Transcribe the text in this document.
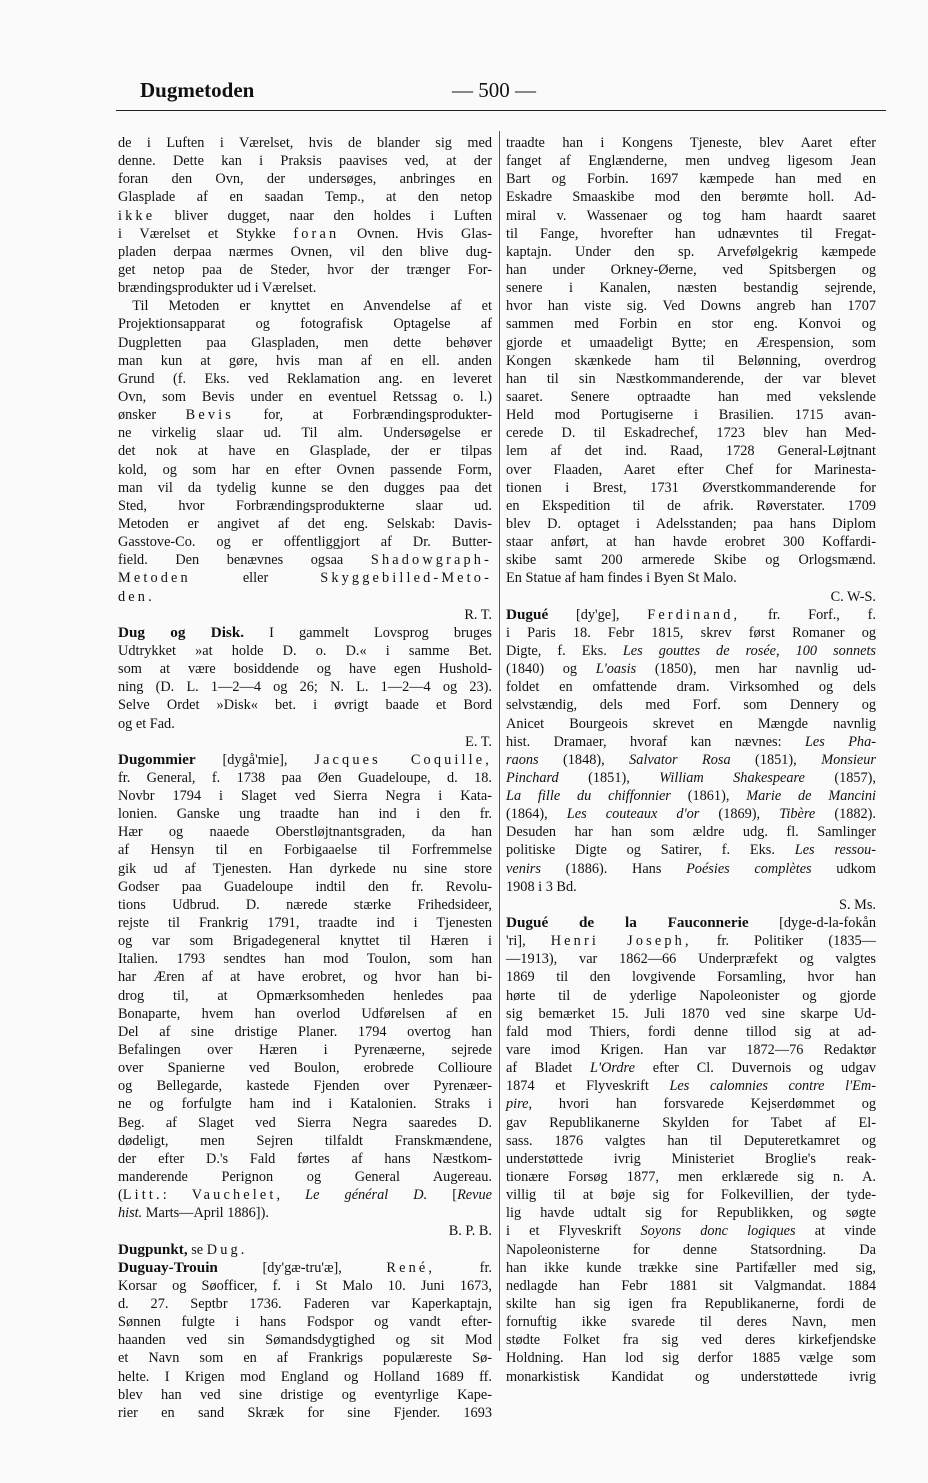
Dugmetoden	— 500 —
de i Luften i Værelset, hvis de blander sig med
denne. Dette kan i Praksis paavises ved, at der
foran den Ovn, der undersøges, anbringes en
Glasplade af en saadan Temp., at den netop
ikke bliver dugget, naar den holdes i Luften
i Værelset et Stykke foran Ovnen. Hvis Glas-
pladen derpaa nærmes Ovnen, vil den blive dug-
get netop paa de Steder, hvor der trænger For-
brændingsprodukter ud i Værelset.
Til Metoden er knyttet en Anvendelse af et
Projektionsapparat og fotografisk Optagelse af
Dugpletten paa Glaspladen, men dette behøver
man kun at gøre, hvis man af en ell. anden
Grund (f. Eks. ved Reklamation ang. en leveret
Ovn, som Bevis under en eventuel Retssag o. l.)
ønsker Bevis for, at Forbrændingsprodukter-
ne virkelig slaar ud. Til alm. Undersøgelse er
det nok at have en Glasplade, der er tilpas
kold, og som har en efter Ovnen passende Form,
man vil da tydelig kunne se den dugges paa det
Sted, hvor Forbrændingsprodukterne slaar ud.
Metoden er angivet af det eng. Selskab: Davis-
Gasstove-Co. og er offentliggjort af Dr. Butter-
field. Den benævnes ogsaa Shadowgraph-
Metoden eller Skyggebilled-Meto-
den.
R. T.
Dug og Disk. I gammelt Lovsprog bruges
Udtrykket »at holde D. o. D.« i samme Bet.
som at være bosiddende og have egen Hushold-
ning (D. L. 1—2—4 og 26; N. L. 1—2—4 og 23).
Selve Ordet »Disk« bet. i øvrigt baade et Bord
og et Fad.
E. T.
Dugommier [dygå'mie], Jacques Coquille,
fr. General, f. 1738 paa Øen Guadeloupe, d. 18.
Novbr 1794 i Slaget ved Sierra Negra i Kata-
lonien. Ganske ung traadte han ind i den fr.
Hær og naaede Oberstløjtnantsgraden, da han
af Hensyn til en Forbigaaelse til Forfremmelse
gik ud af Tjenesten. Han dyrkede nu sine store
Godser paa Guadeloupe indtil den fr. Revolu-
tions Udbrud. D. nærede stærke Frihedsideer,
rejste til Frankrig 1791, traadte ind i Tjenesten
og var som Brigadegeneral knyttet til Hæren i
Italien. 1793 sendtes han mod Toulon, som han
har Æren af at have erobret, og hvor han bi-
drog til, at Opmærksomheden henledes paa
Bonaparte, hvem han overlod Udførelsen af en
Del af sine dristige Planer. 1794 overtog han
Befalingen over Hæren i Pyrenæerne, sejrede
over Spanierne ved Boulon, erobrede Collioure
og Bellegarde, kastede Fjenden over Pyrenæer-
ne og forfulgte ham ind i Katalonien. Straks i
Beg. af Slaget ved Sierra Negra saaredes D.
dødeligt, men Sejren tilfaldt Franskmændene,
der efter D.'s Fald førtes af hans Næstkom-
manderende Perignon og General Augereau.
(Litt.: Vauchelet, Le général D. [Revue
hist. Marts—April 1886]).
B. P. B.
Dugpunkt, se Dug.
Duguay-Trouin [dy'gæ-tru'æ], René, fr.
Korsar og Søofficer, f. i St Malo 10. Juni 1673,
d. 27. Septbr 1736. Faderen var Kaperkaptajn,
Sønnen fulgte i hans Fodspor og vandt efter-
haanden ved sin Sømandsdygtighed og sit Mod
et Navn som en af Frankrigs populæreste Sø-
helte. I Krigen mod England og Holland 1689 ff.
blev han ved sine dristige og eventyrlige Kape-
rier en sand Skræk for sine Fjender. 1693
traadte han i Kongens Tjeneste, blev Aaret efter
fanget af Englænderne, men undveg ligesom Jean
Bart og Forbin. 1697 kæmpede han med en
Eskadre Smaaskibe mod den berømte holl. Ad-
miral v. Wassenaer og tog ham haardt saaret
til Fange, hvorefter han udnævntes til Fregat-
kaptajn. Under den sp. Arvefølgekrig kæmpede
han under Orkney-Øerne, ved Spitsbergen og
senere i Kanalen, næsten bestandig sejrende,
hvor han viste sig. Ved Downs angreb han 1707
sammen med Forbin en stor eng. Konvoi og
gjorde et umaadeligt Bytte; en Ærespension, som
Kongen skænkede ham til Belønning, overdrog
han til sin Næstkommanderende, der var blevet
saaret. Senere optraadte han med vekslende
Held mod Portugiserne i Brasilien. 1715 avan-
cerede D. til Eskadrechef, 1723 blev han Med-
lem af det ind. Raad, 1728 General-Løjtnant
over Flaaden, Aaret efter Chef for Marinesta-
tionen i Brest, 1731 Øverstkommanderende for
en Ekspedition til de afrik. Røverstater. 1709
blev D. optaget i Adelsstanden; paa hans Diplom
staar anført, at han havde erobret 300 Koffardi-
skibe samt 200 armerede Skibe og Orlogsmænd.
En Statue af ham findes i Byen St Malo.
C. W-S.
Dugué [dy'ge], Ferdinand, fr. Forf., f.
i Paris 18. Febr 1815, skrev først Romaner og
Digte, f. Eks. Les gouttes de rosée, 100 sonnets
(1840) og L'oasis (1850), men har navnlig ud-
foldet en omfattende dram. Virksomhed og dels
selvstændig, dels med Forf. som Dennery og
Anicet Bourgeois skrevet en Mængde navnlig
hist. Dramaer, hvoraf kan nævnes: Les Pha-
raons (1848), Salvator Rosa (1851), Monsieur
Pinchard (1851), William Shakespeare (1857),
La fille du chiffonnier (1861), Marie de Mancini
(1864), Les couteaux d'or (1869), Tibère (1882).
Desuden har han som ældre udg. fl. Samlinger
politiske Digte og Satirer, f. Eks. Les ressou-
venirs (1886). Hans Poésies complètes udkom
1908 i 3 Bd.
S. Ms.
Dugué de la Fauconnerie [dyge-d-la-fokån
'ri], Henri Joseph, fr. Politiker (1835—
—1913), var 1862—66 Underpræfekt og valgtes
1869 til den lovgivende Forsamling, hvor han
hørte til de yderlige Napoleonister og gjorde
sig bemærket 15. Juli 1870 ved sine skarpe Ud-
fald mod Thiers, fordi denne tillod sig at ad-
vare imod Krigen. Han var 1872—76 Redaktør
af Bladet L'Ordre efter Cl. Duvernois og udgav
1874 et Flyveskrift Les calomnies contre l'Em-
pire, hvori han forsvarede Kejserdømmet og
gav Republikanerne Skylden for Tabet af El-
sass. 1876 valgtes han til Deputeretkamret og
understøttede ivrig Ministeriet Broglie's reak-
tionære Forsøg 1877, men erklærede sig n. A.
villig til at bøje sig for Folkevillien, der tyde-
lig havde udtalt sig for Republikken, og søgte
i et Flyveskrift Soyons donc logiques at vinde
Napoleonisterne for denne Statsordning. Da
han ikke kunde trække sine Partifæller med sig,
nedlagde han Febr 1881 sit Valgmandat. 1884
skilte han sig igen fra Republikanerne, fordi de
fornuftig ikke svarede til deres Navn, men
stødte Folket fra sig ved deres kirkefjendske
Holdning. Han lod sig derfor 1885 vælge som
monarkistisk Kandidat og understøttede ivrig
